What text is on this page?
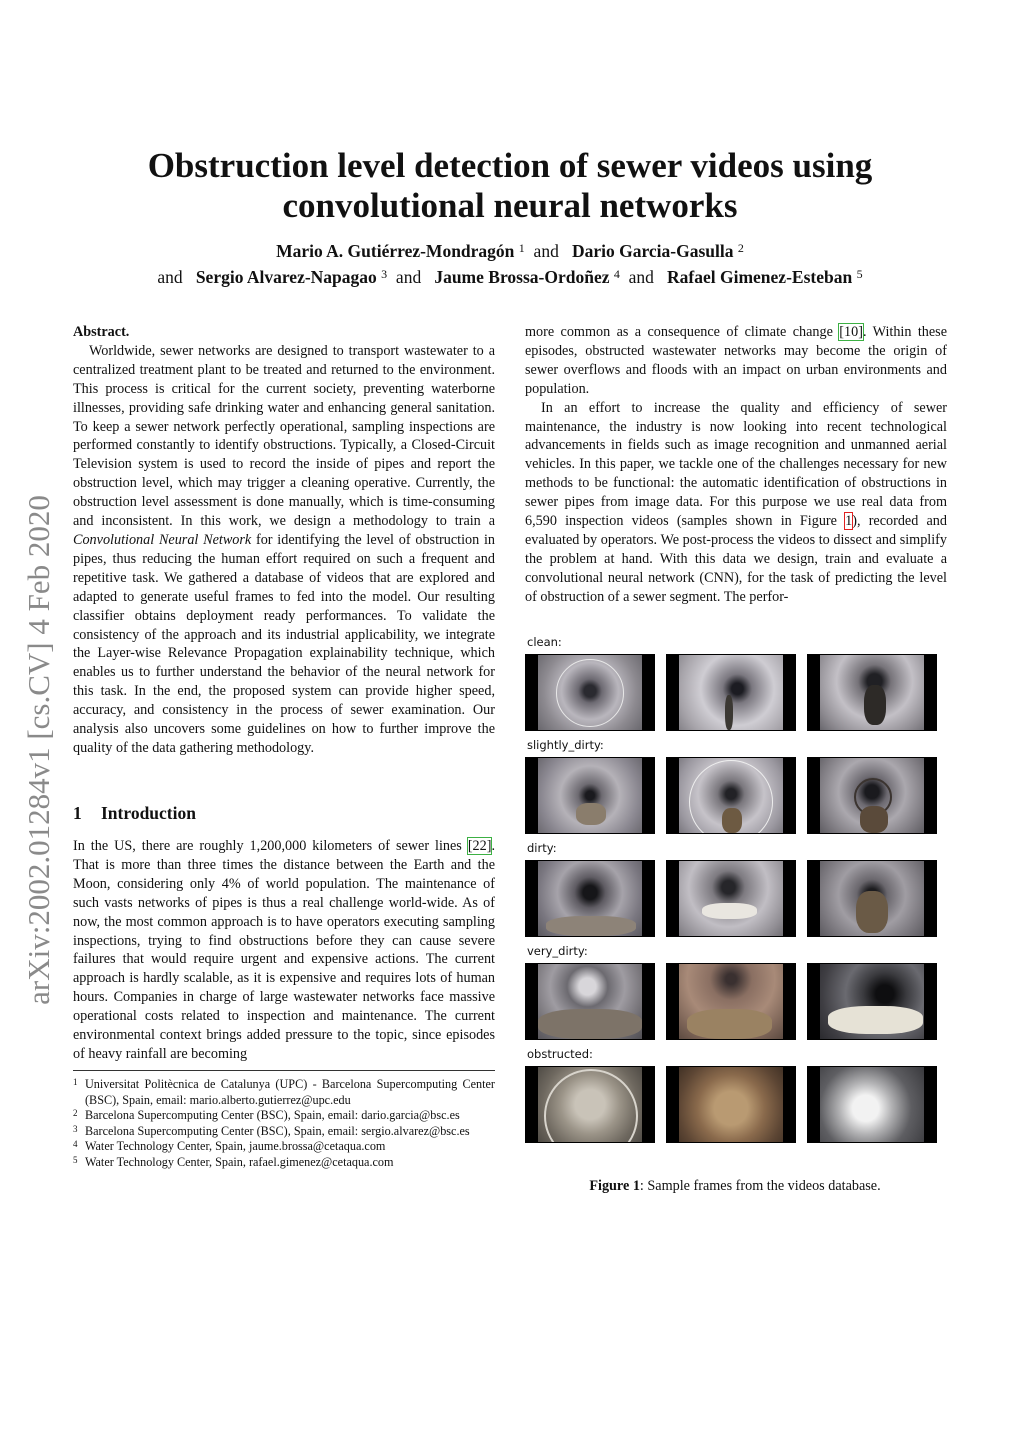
arXiv:2002.01284v1 [cs.CV] 4 Feb 2020
Obstruction level detection of sewer videos using
convolutional neural networks
Mario A. Gutiérrez-Mondragón $^1$ and Dario Garcia-Gasulla $^2$
and Sergio Alvarez-Napagao $^3$ and Jaume Brossa-Ordoñez $^4$ and Rafael Gimenez-Esteban $^5$

Abstract.

Worldwide, sewer networks are designed to transport wastewater to a centralized treatment plant to be treated and returned to the environment. This process is critical for the current society, preventing waterborne illnesses, providing safe drinking water and enhancing general sanitation. To keep a sewer network perfectly operational, sampling inspections are performed constantly to identify obstructions. Typically, a Closed-Circuit Television system is used to record the inside of pipes and report the obstruction level, which may trigger a cleaning operative. Currently, the obstruction level assessment is done manually, which is time-consuming and inconsistent. In this work, we design a methodology to train a Convolutional Neural Network for identifying the level of obstruction in pipes, thus reducing the human effort required on such a frequent and repetitive task. We gathered a database of videos that are explored and adapted to generate useful frames to fed into the model. Our resulting classifier obtains deployment ready performances. To validate the consistency of the approach and its industrial applicability, we integrate the Layer-wise Relevance Propagation explainability technique, which enables us to further understand the behavior of the neural network for this task. In the end, the proposed system can provide higher speed, accuracy, and consistency in the process of sewer examination. Our analysis also uncovers some guidelines on how to further improve the quality of the data gathering methodology.

1 Introduction

In the US, there are roughly 1,200,000 kilometers of sewer lines [22]. That is more than three times the distance between the Earth and the Moon, considering only 4% of world population. The maintenance of such vasts networks of pipes is thus a real challenge world-wide. As of now, the most common approach is to have operators executing sampling inspections, trying to find obstructions before they can cause severe failures that would require urgent and expensive actions. The current approach is hardly scalable, as it is expensive and requires lots of human hours. Companies in charge of large wastewater networks face massive operational costs related to inspection and maintenance. The current environmental context brings added pressure to the topic, since episodes of heavy rainfall are becoming

1 Universitat Politècnica de Catalunya (UPC) - Barcelona Supercomputing Center (BSC), Spain, email: mario.alberto.gutierrez@upc.edu
2 Barcelona Supercomputing Center (BSC), Spain, email: dario.garcia@bsc.es
3 Barcelona Supercomputing Center (BSC), Spain, email: sergio.alvarez@bsc.es
4 Water Technology Center, Spain, jaume.brossa@cetaqua.com
5 Water Technology Center, Spain, rafael.gimenez@cetaqua.com

more common as a consequence of climate change [10]. Within these episodes, obstructed wastewater networks may become the origin of sewer overflows and floods with an impact on urban environments and population.

In an effort to increase the quality and efficiency of sewer maintenance, the industry is now looking into recent technological advancements in fields such as image recognition and unmanned aerial vehicles. In this paper, we tackle one of the challenges necessary for new methods to be functional: the automatic identification of obstructions in sewer pipes from image data. For this purpose we use real data from 6,590 inspection videos (samples shown in Figure 1), recorded and evaluated by operators. We post-process the videos to dissect and simplify the problem at hand. With this data we design, train and evaluate a convolutional neural network (CNN), for the task of predicting the level of obstruction of a sewer segment. The perfor-

clean:
slightly_dirty:
dirty:
very_dirty:
obstructed:
Figure 1: Sample frames from the videos database.
